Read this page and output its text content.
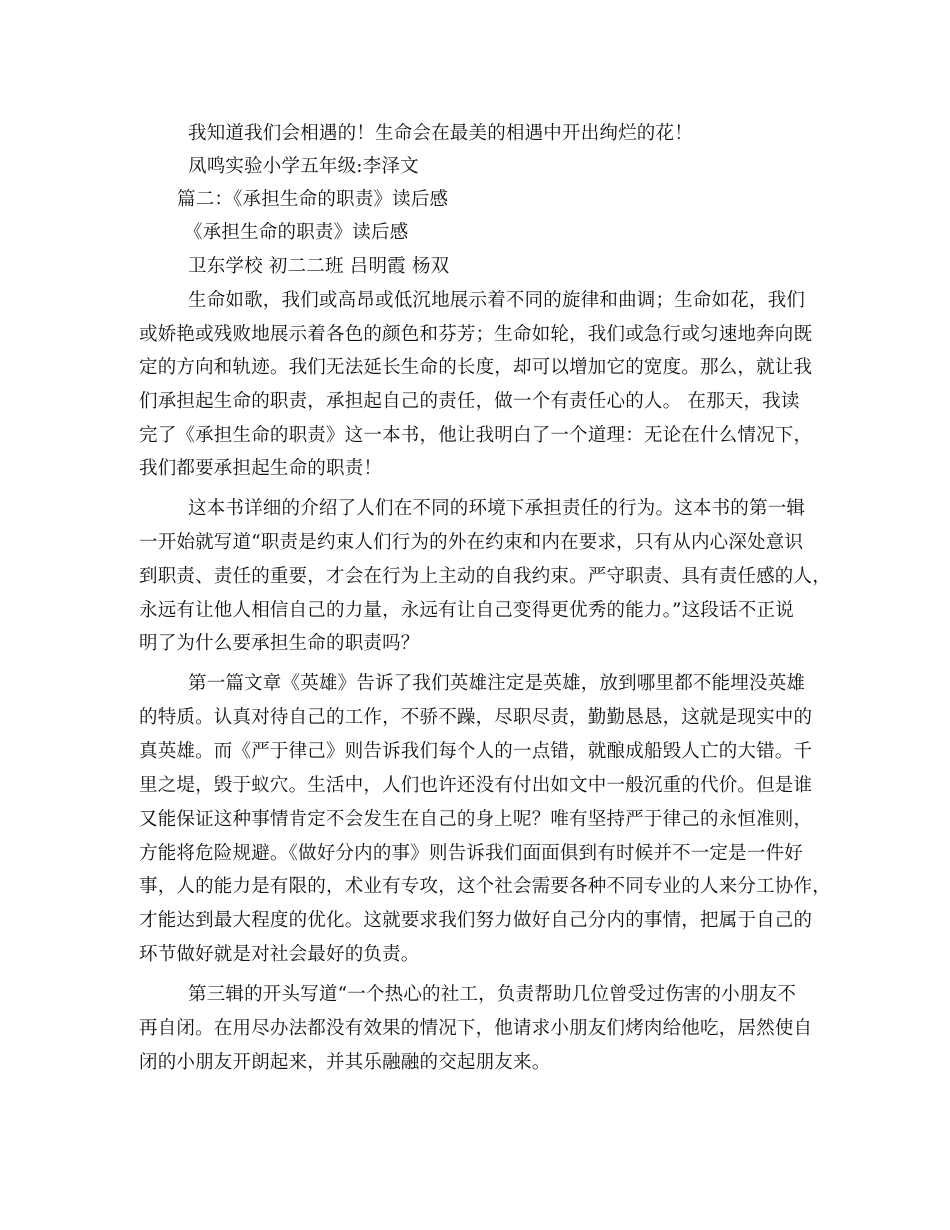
我知道我们会相遇的！生命会在最美的相遇中开出绚烂的花！
凤鸣实验小学五年级:李泽文
篇二：《承担生命的职责》读后感
《承担生命的职责》读后感
卫东学校 初二二班 吕明霞 杨双
生命如歌，我们或高昂或低沉地展示着不同的旋律和曲调；生命如花，我们
或娇艳或残败地展示着各色的颜色和芬芳；生命如轮，我们或急行或匀速地奔向既
定的方向和轨迹。我们无法延长生命的长度，却可以增加它的宽度。那么，就让我
们承担起生命的职责，承担起自己的责任，做一个有责任心的人。 在那天，我读
完了《承担生命的职责》这一本书，他让我明白了一个道理：无论在什么情况下，
我们都要承担起生命的职责！
这本书详细的介绍了人们在不同的环境下承担责任的行为。这本书的第一辑
一开始就写道“职责是约束人们行为的外在约束和内在要求，只有从内心深处意识
到职责、责任的重要，才会在行为上主动的自我约束。严守职责、具有责任感的人，
永远有让他人相信自己的力量，永远有让自己变得更优秀的能力。”这段话不正说
明了为什么要承担生命的职责吗？
第一篇文章《英雄》告诉了我们英雄注定是英雄，放到哪里都不能埋没英雄
的特质。认真对待自己的工作，不骄不躁，尽职尽责，勤勤恳恳，这就是现实中的
真英雄。而《严于律己》则告诉我们每个人的一点错，就酿成船毁人亡的大错。千
里之堤，毁于蚁穴。生活中，人们也许还没有付出如文中一般沉重的代价。但是谁
又能保证这种事情肯定不会发生在自己的身上呢？唯有坚持严于律己的永恒准则，
方能将危险规避。《做好分内的事》则告诉我们面面俱到有时候并不一定是一件好
事，人的能力是有限的，术业有专攻，这个社会需要各种不同专业的人来分工协作，
才能达到最大程度的优化。这就要求我们努力做好自己分内的事情，把属于自己的
环节做好就是对社会最好的负责。
第三辑的开头写道“一个热心的社工，负责帮助几位曾受过伤害的小朋友不
再自闭。在用尽办法都没有效果的情况下，他请求小朋友们烤肉给他吃，居然使自
闭的小朋友开朗起来，并其乐融融的交起朋友来。
